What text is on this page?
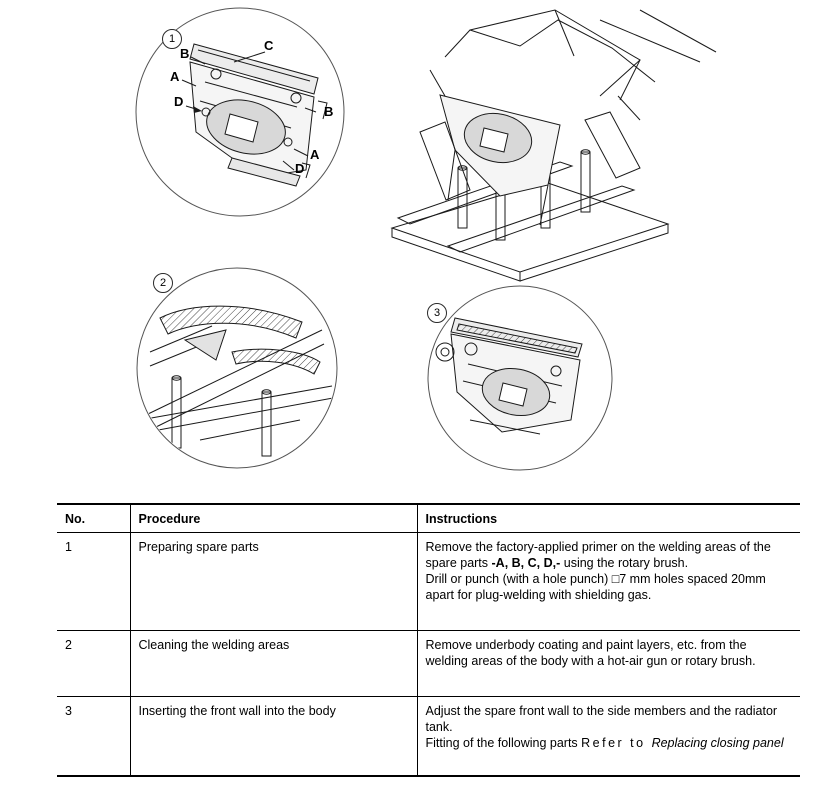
1
2
3
B
C
A
D
B
A
D
No.	Procedure	Instructions
1	Preparing spare parts	Remove the factory-applied primer on the welding areas of the spare parts -A, B, C, D,- using the rotary brush.
Drill or punch (with a hole punch) □7 mm holes spaced 20mm apart for plug-welding with shielding gas.
2	Cleaning the welding areas	Remove underbody coating and paint layers, etc. from the welding areas of the body with a hot-air gun or rotary brush.
3	Inserting the front wall into the body	Adjust the spare front wall to the side members and the radiator tank.
Fitting of the following parts Refer to Replacing closing panel
